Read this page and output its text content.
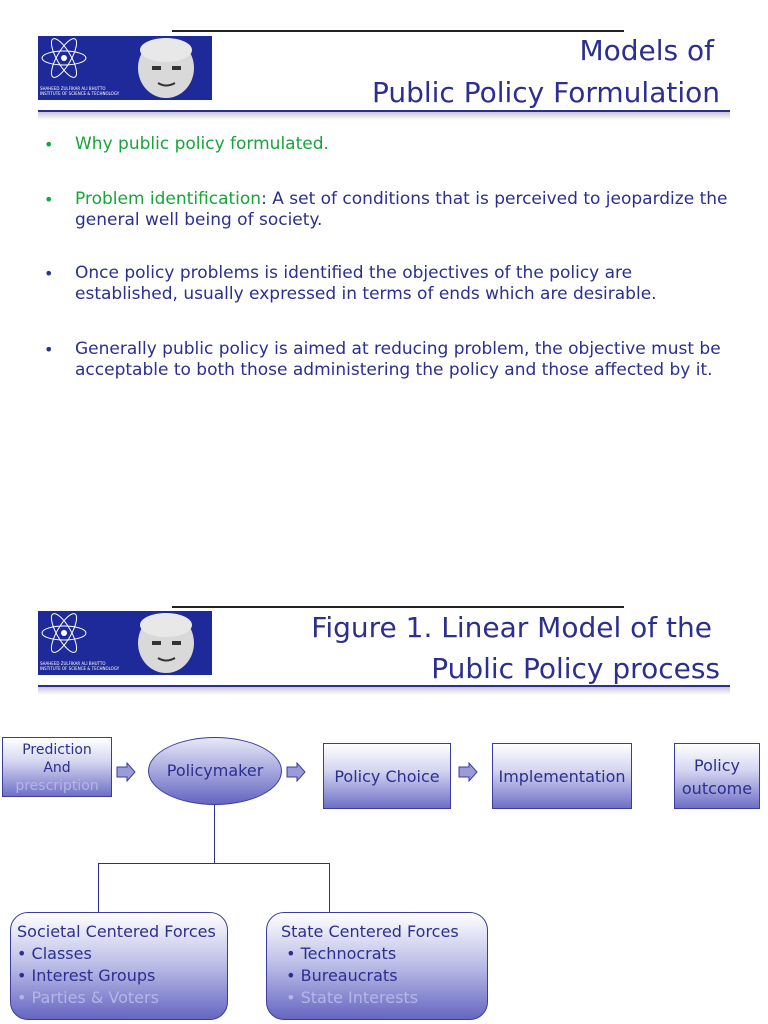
SHAHEED ZULFIKAR ALI BHUTTO
INSTITUTE OF SCIENCE & TECHNOLOGY
Models of
Public Policy Formulation
• Why public policy formulated.
• Problem identification: A set of conditions that is perceived to jeopardize the general well being of society.
• Once policy problems is identified the objectives of the policy are established, usually expressed in terms of ends which are desirable.
• Generally public policy is aimed at reducing problem, the objective must be acceptable to both those administering the policy and those affected by it.
SHAHEED ZULFIKAR ALI BHUTTO
INSTITUTE OF SCIENCE & TECHNOLOGY
Figure 1. Linear Model of the
Public Policy process
Prediction
And
prescription
Policymaker	Policy Choice	Implementation
Policy
outcome
Societal Centered Forces
• Classes
• Interest Groups
• Parties & Voters
State Centered Forces
• Technocrats
• Bureaucrats
• State Interests
